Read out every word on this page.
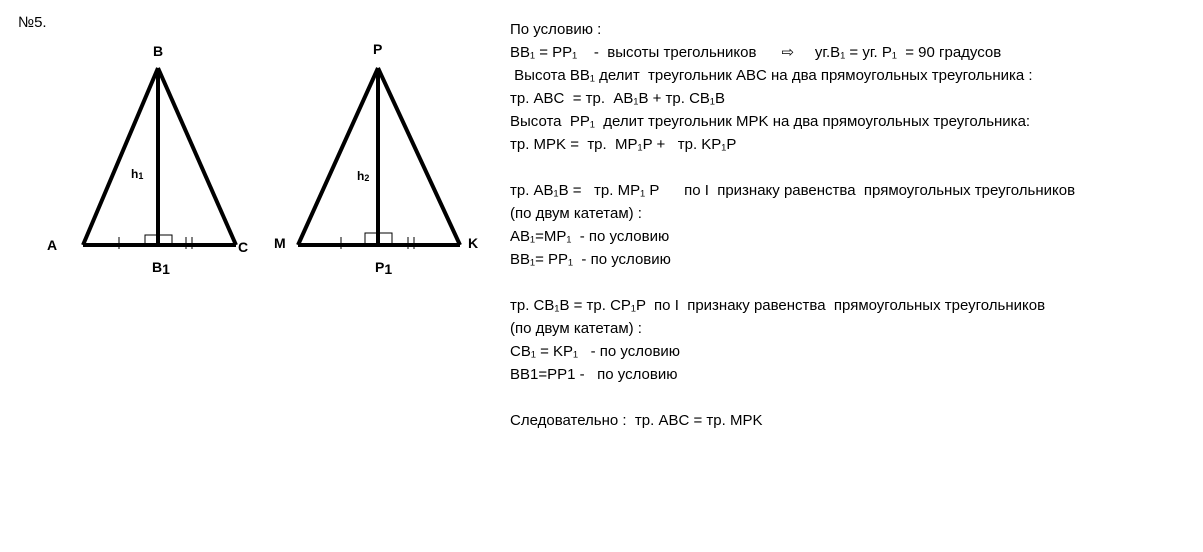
№5.
B
A	C
B1
h1
P
M	K
P1
h2
По условию :
BB₁ = PP₁    -  высоты трегольников      ⇨     уг.B₁ = уг. P₁  = 90 градусов
Высота BB₁ делит  треугольник ABC на два прямоугольных треугольника :
тр. ABC  = тр.  AB₁B + тр. CB₁B
Высота  PP₁  делит треугольник MPK на два прямоугольных треугольника:
тр. MPK =  тр.  MP₁P +   тр. KP₁P
тр. AB₁B =   тр. MP₁ P      по I  признаку равенства  прямоугольных треугольников
(по двум катетам) :
AB₁=MP₁  - по условию
BB₁= PP₁  - по условию
тр. CB₁B = тр. CP₁P  по I  признаку равенства  прямоугольных треугольников
(по двум катетам) :
CB₁ = KP₁   - по условию
BB1=PP1 -   по условию
Следовательно :  тр. ABC = тр. MPK
